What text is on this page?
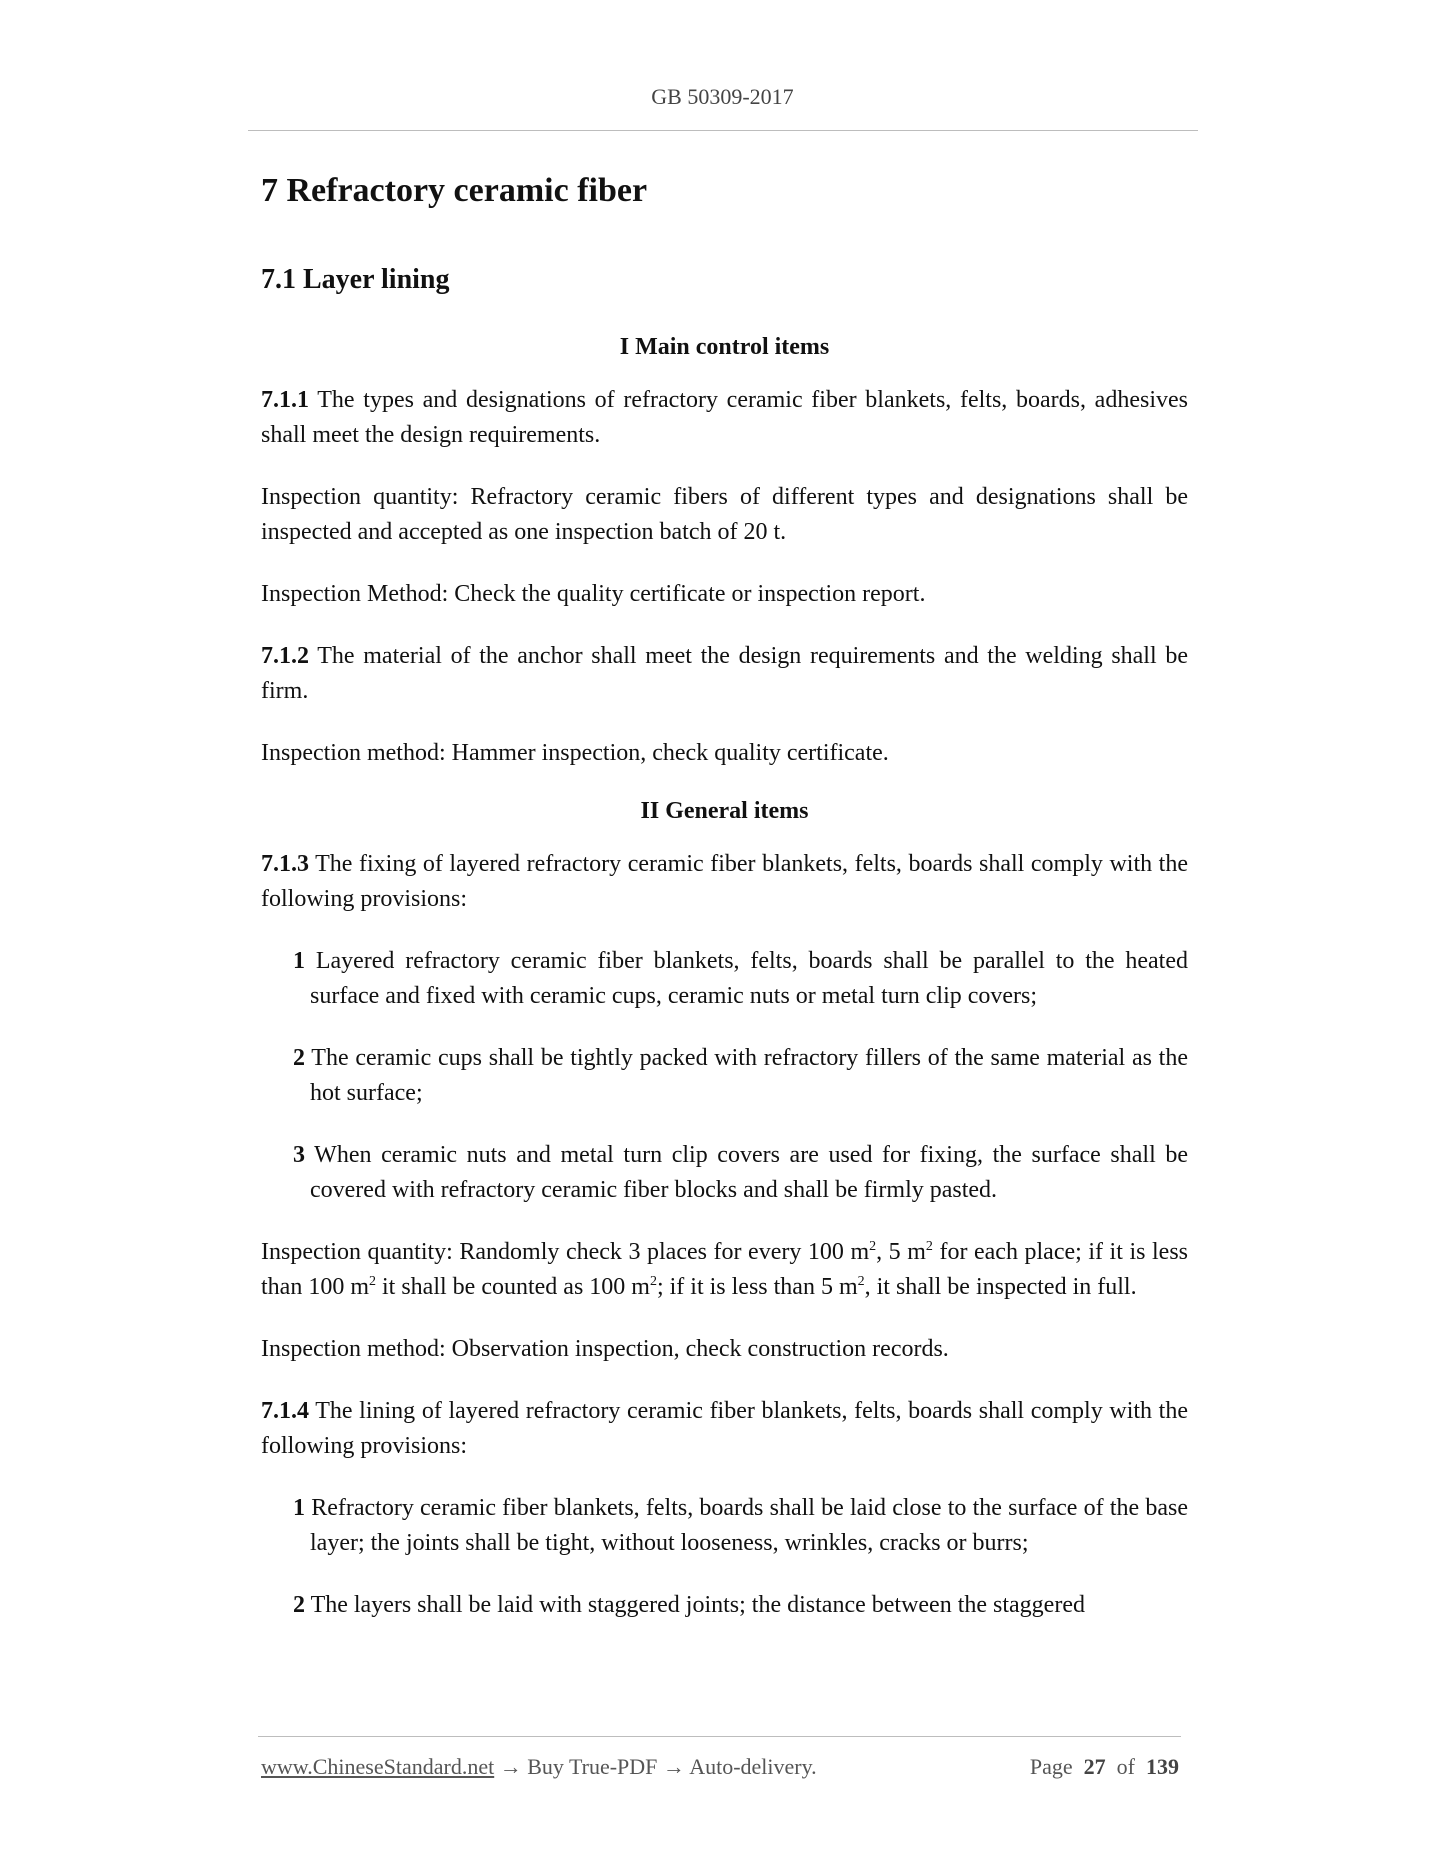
GB 50309-2017
7 Refractory ceramic fiber
7.1 Layer lining
I Main control items

7.1.1 The types and designations of refractory ceramic fiber blankets, felts, boards, adhesives shall meet the design requirements.

Inspection quantity: Refractory ceramic fibers of different types and designations shall be inspected and accepted as one inspection batch of 20 t.

Inspection Method: Check the quality certificate or inspection report.

7.1.2 The material of the anchor shall meet the design requirements and the welding shall be firm.

Inspection method: Hammer inspection, check quality certificate.

II General items

7.1.3 The fixing of layered refractory ceramic fiber blankets, felts, boards shall comply with the following provisions:

1 Layered refractory ceramic fiber blankets, felts, boards shall be parallel to the heated surface and fixed with ceramic cups, ceramic nuts or metal turn clip covers;
2 The ceramic cups shall be tightly packed with refractory fillers of the same material as the hot surface;
3 When ceramic nuts and metal turn clip covers are used for fixing, the surface shall be covered with refractory ceramic fiber blocks and shall be firmly pasted.

Inspection quantity: Randomly check 3 places for every 100 $m^2$, 5 $m^2$ for each place; if it is less than 100 $m^2$ it shall be counted as 100 $m^2$; if it is less than 5 $m^2$, it shall be inspected in full.

Inspection method: Observation inspection, check construction records.

7.1.4 The lining of layered refractory ceramic fiber blankets, felts, boards shall comply with the following provisions:

1 Refractory ceramic fiber blankets, felts, boards shall be laid close to the surface of the base layer; the joints shall be tight, without looseness, wrinkles, cracks or burrs;
2 The layers shall be laid with staggered joints; the distance between the staggered
www.ChineseStandard.net → Buy True-PDF → Auto-delivery.	Page 27 of 139
